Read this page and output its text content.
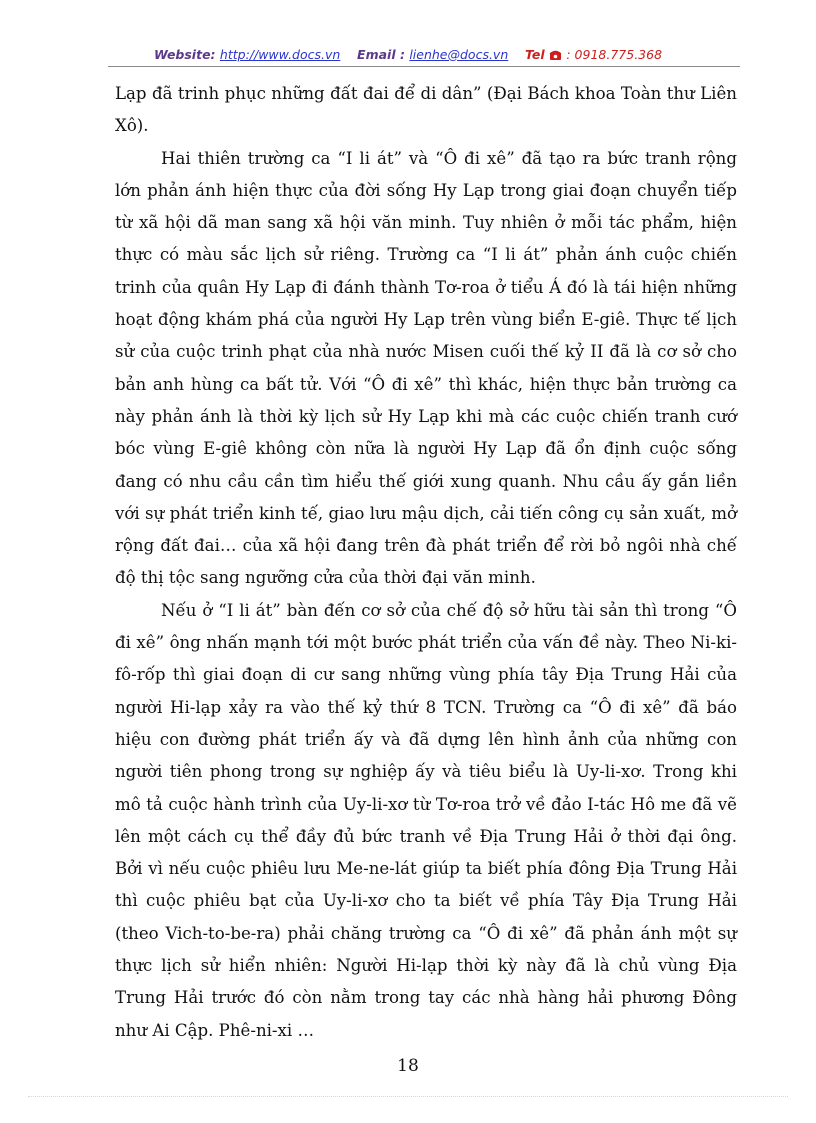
Website: http://www.docs.vn Email : lienhe@docs.vn Tel : 0918.775.368

Lạp đã trinh phục những đất đai để di dân” (Đại Bách khoa Toàn thư Liên Xô).

Hai thiên trường ca “I li át” và “Ô đi xê” đã tạo ra bức tranh rộng lớn phản ánh hiện thực của đời sống Hy Lạp trong giai đoạn chuyển tiếp từ xã hội dã man sang xã hội văn minh. Tuy nhiên ở mỗi tác phẩm, hiện thực có màu sắc lịch sử riêng. Trường ca “I li át” phản ánh cuộc chiến trinh của quân Hy Lạp đi đánh thành Tơ-roa ở tiểu Á đó là tái hiện những hoạt động khám phá của người Hy Lạp trên vùng biển E-giê. Thực tế lịch sử của cuộc trinh phạt của nhà nước Misen cuối thế kỷ II đã là cơ sở cho bản anh hùng ca bất tử. Với “Ô đi xê” thì khác, hiện thực bản trường ca này phản ánh là thời kỳ lịch sử Hy Lạp khi mà các cuộc chiến tranh cướ bóc vùng E-giê không còn nữa là người Hy Lạp đã ổn định cuộc sống đang có nhu cầu cần tìm hiểu thế giới xung quanh. Nhu cầu ấy gắn liền với sự phát triển kinh tế, giao lưu mậu dịch, cải tiến công cụ sản xuất, mở rộng đất đai… của xã hội đang trên đà phát triển để rời bỏ ngôi nhà chế độ thị tộc sang ngưỡng cửa của thời đại văn minh.

Nếu ở “I li át” bàn đến cơ sở của chế độ sở hữu tài sản thì trong “Ô đi xê” ông nhấn mạnh tới một bước phát triển của vấn đề này. Theo Ni-ki-fô-rốp thì giai đoạn di cư sang những vùng phía tây Địa Trung Hải của người Hi-lạp xảy ra vào thế kỷ thứ 8 TCN. Trường ca “Ô đi xê” đã báo hiệu con đường phát triển ấy và đã dựng lên hình ảnh của những con người tiên phong trong sự nghiệp ấy và tiêu biểu là Uy-li-xơ. Trong khi mô tả cuộc hành trình của Uy-li-xơ từ Tơ-roa trở về đảo I-tác Hô me đã vẽ lên một cách cụ thể đầy đủ bức tranh về Địa Trung Hải ở thời đại ông. Bởi vì nếu cuộc phiêu lưu Me-ne-lát giúp ta biết phía đông Địa Trung Hải thì cuộc phiêu bạt của Uy-li-xơ cho ta biết về phía Tây Địa Trung Hải (theo Vich-to-be-ra) phải chăng trường ca “Ô đi xê” đã phản ánh một sự thực lịch sử hiển nhiên: Người Hi-lạp thời kỳ này đã là chủ vùng Địa Trung Hải trước đó còn nằm trong tay các nhà hàng hải phương Đông như Ai Cập. Phê-ni-xi …

18
